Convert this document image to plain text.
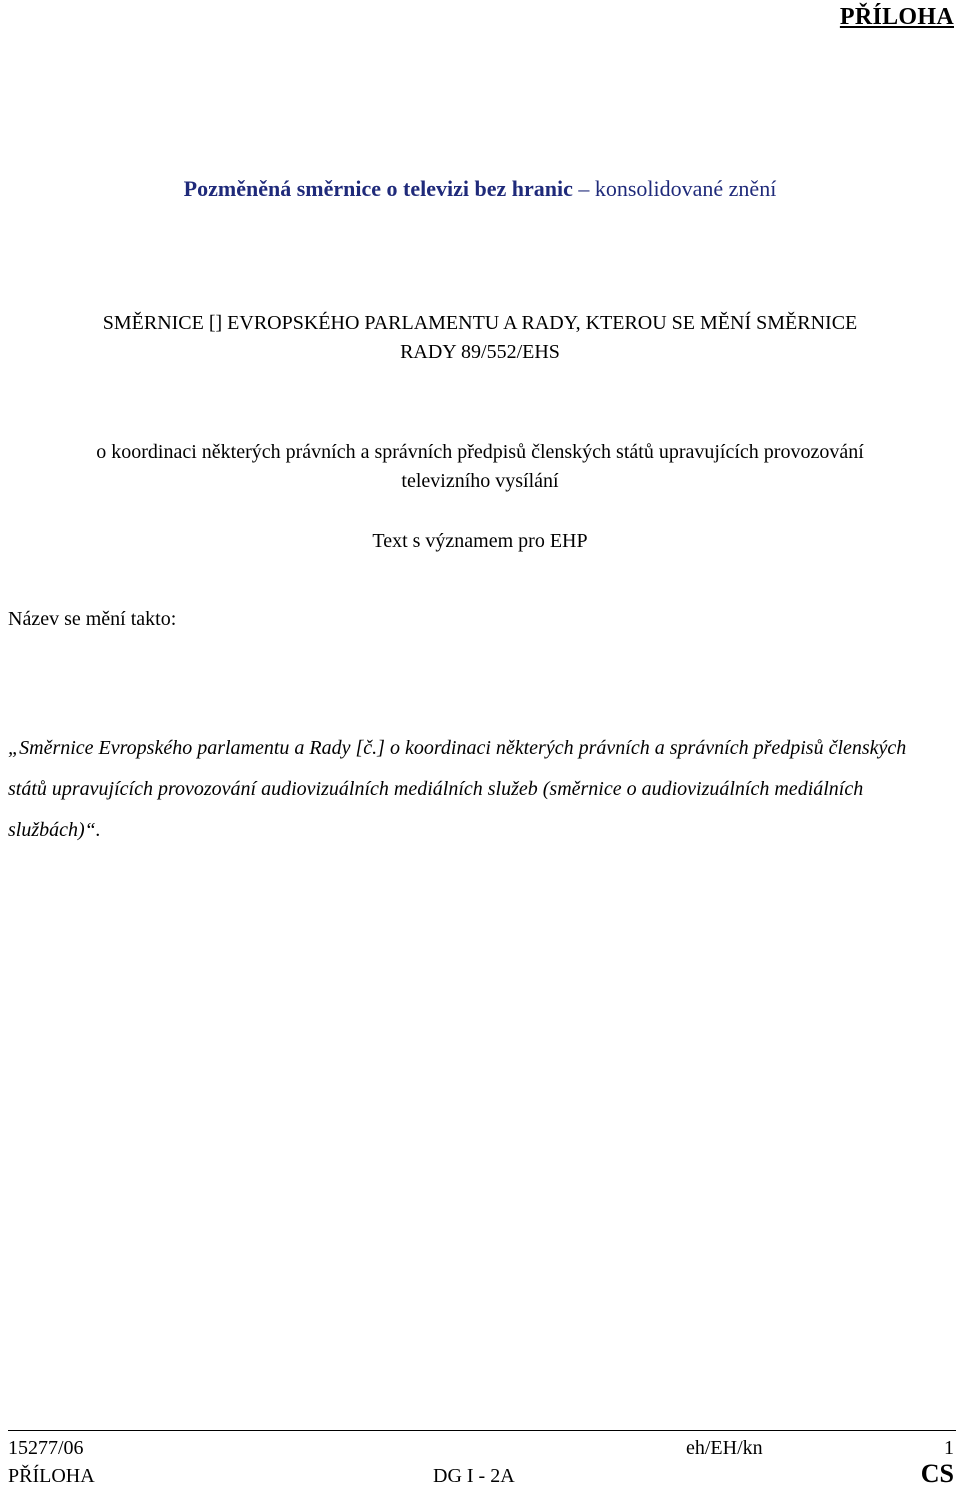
PŘÍLOHA
Pozměněná směrnice o televizi bez hranic – konsolidované znění
SMĚRNICE [] EVROPSKÉHO PARLAMENTU A RADY, KTEROU SE MĚNÍ SMĚRNICE
RADY 89/552/EHS
o koordinaci některých právních a správních předpisů členských států upravujících provozování
televizního vysílání
Text s významem pro EHP
Název se mění takto:
„Směrnice Evropského parlamentu a Rady [č.] o koordinaci některých právních a správních předpisů členských států upravujících provozování audiovizuálních mediálních služeb (směrnice o audiovizuálních mediálních službách)“.
15277/06	eh/EH/kn	1
PŘÍLOHA	DG I - 2A	CS
